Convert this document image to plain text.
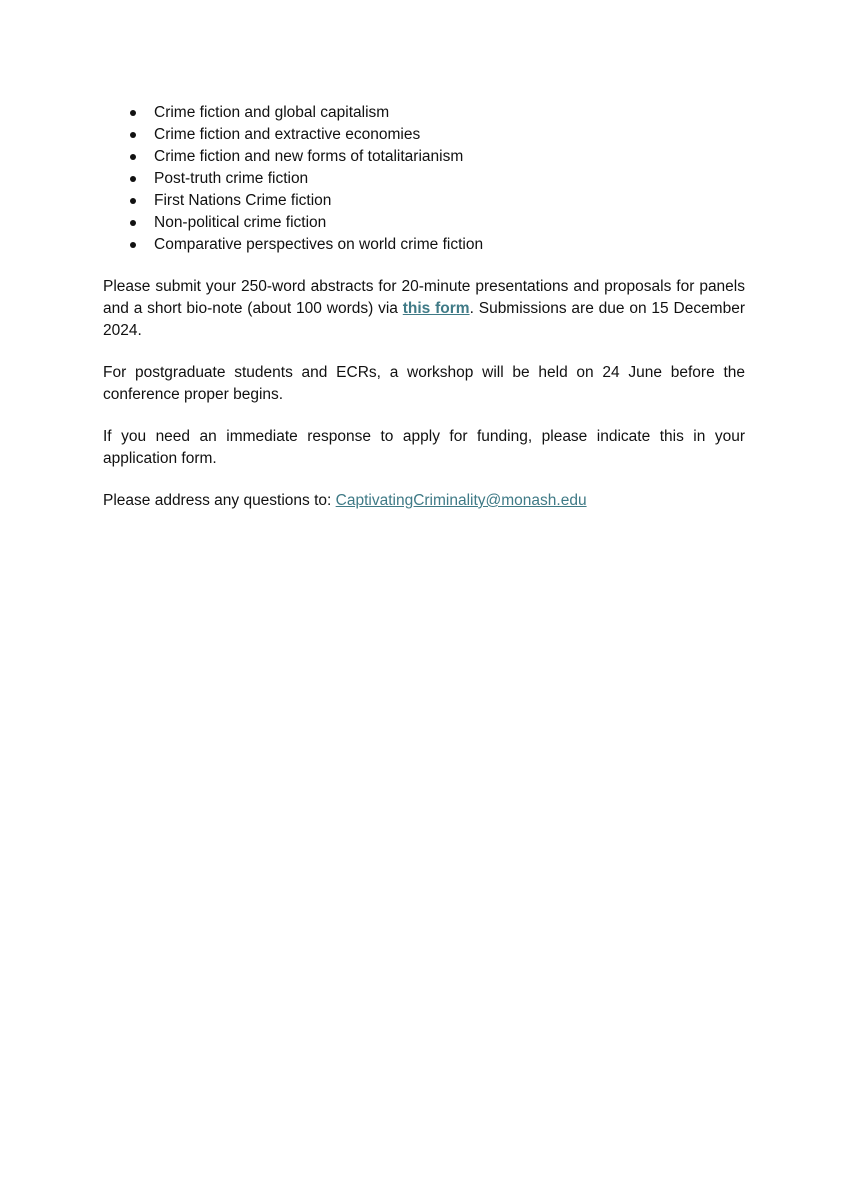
Crime fiction and global capitalism
Crime fiction and extractive economies
Crime fiction and new forms of totalitarianism
Post-truth crime fiction
First Nations Crime fiction
Non-political crime fiction
Comparative perspectives on world crime fiction

Please submit your 250-word abstracts for 20-minute presentations and proposals for panels and a short bio-note (about 100 words) via this form. Submissions are due on 15 December 2024.

For postgraduate students and ECRs, a workshop will be held on 24 June before the conference proper begins.

If you need an immediate response to apply for funding, please indicate this in your application form.

Please address any questions to: CaptivatingCriminality@monash.edu
